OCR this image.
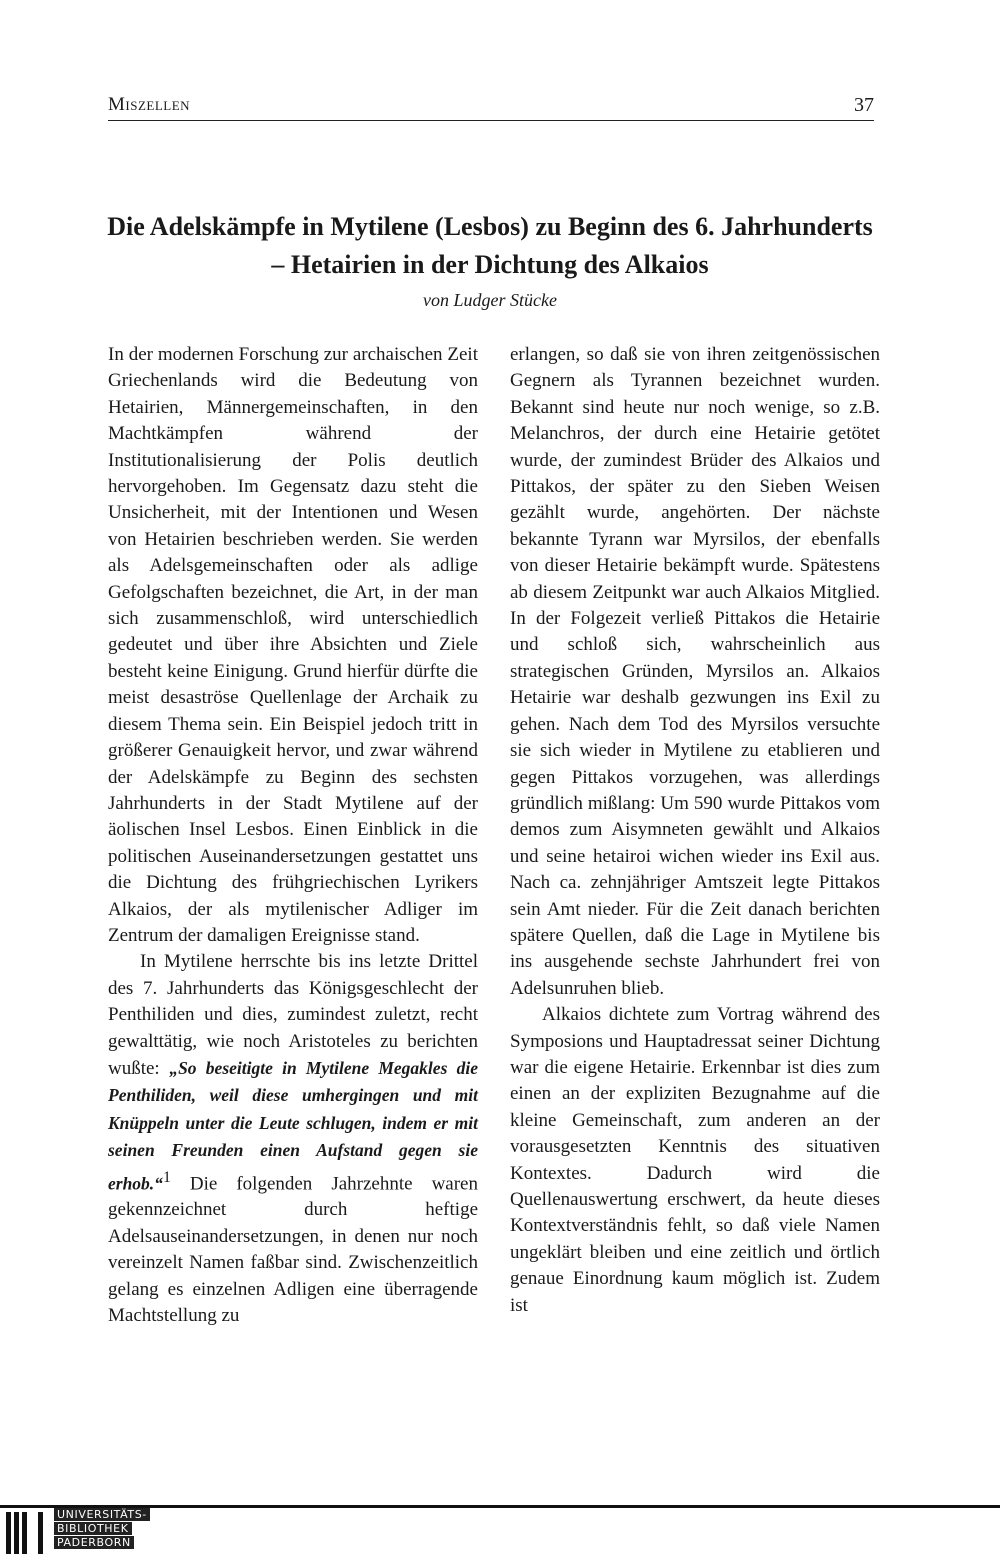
Miszellen	37
Die Adelskämpfe in Mytilene (Lesbos) zu Beginn des 6. Jahrhunderts
– Hetairien in der Dichtung des Alkaios
von Ludger Stücke

In der modernen Forschung zur archaischen Zeit Griechenlands wird die Bedeutung von Hetairien, Männergemeinschaften, in den Machtkämpfen während der Institutionalisierung der Polis deutlich hervorgehoben. Im Gegensatz dazu steht die Unsicherheit, mit der Intentionen und Wesen von Hetairien beschrieben werden. Sie werden als Adelsgemeinschaften oder als adlige Gefolgschaften bezeichnet, die Art, in der man sich zusammenschloß, wird unterschiedlich gedeutet und über ihre Absichten und Ziele besteht keine Einigung. Grund hierfür dürfte die meist desaströse Quellenlage der Archaik zu diesem Thema sein. Ein Beispiel jedoch tritt in größerer Genauigkeit hervor, und zwar während der Adelskämpfe zu Beginn des sechsten Jahrhunderts in der Stadt Mytilene auf der äolischen Insel Lesbos. Einen Einblick in die politischen Auseinandersetzungen gestattet uns die Dichtung des frühgriechischen Lyrikers Alkaios, der als mytilenischer Adliger im Zentrum der damaligen Ereignisse stand.

In Mytilene herrschte bis ins letzte Drittel des 7. Jahrhunderts das Königsgeschlecht der Penthiliden und dies, zumindest zuletzt, recht gewalttätig, wie noch Aristoteles zu berichten wußte: „So beseitigte in Mytilene Megakles die Penthiliden, weil diese umhergingen und mit Knüppeln unter die Leute schlugen, indem er mit seinen Freunden einen Aufstand gegen sie erhob.“$^1$ Die folgenden Jahrzehnte waren gekennzeichnet durch heftige Adelsauseinandersetzungen, in denen nur noch vereinzelt Namen faßbar sind. Zwischenzeitlich gelang es einzelnen Adligen eine überragende Machtstellung zu

erlangen, so daß sie von ihren zeitgenössischen Gegnern als Tyrannen bezeichnet wurden. Bekannt sind heute nur noch wenige, so z.B. Melanchros, der durch eine Hetairie getötet wurde, der zumindest Brüder des Alkaios und Pittakos, der später zu den Sieben Weisen gezählt wurde, angehörten. Der nächste bekannte Tyrann war Myrsilos, der ebenfalls von dieser Hetairie bekämpft wurde. Spätestens ab diesem Zeitpunkt war auch Alkaios Mitglied. In der Folgezeit verließ Pittakos die Hetairie und schloß sich, wahrscheinlich aus strategischen Gründen, Myrsilos an. Alkaios Hetairie war deshalb gezwungen ins Exil zu gehen. Nach dem Tod des Myrsilos versuchte sie sich wieder in Mytilene zu etablieren und gegen Pittakos vorzugehen, was allerdings gründlich mißlang: Um 590 wurde Pittakos vom demos zum Aisymneten gewählt und Alkaios und seine hetairoi wichen wieder ins Exil aus. Nach ca. zehnjähriger Amtszeit legte Pittakos sein Amt nieder. Für die Zeit danach berichten spätere Quellen, daß die Lage in Mytilene bis ins ausgehende sechste Jahrhundert frei von Adelsunruhen blieb.

Alkaios dichtete zum Vortrag während des Symposions und Hauptadressat seiner Dichtung war die eigene Hetairie. Erkennbar ist dies zum einen an der expliziten Bezugnahme auf die kleine Gemeinschaft, zum anderen an der vorausgesetzten Kenntnis des situativen Kontextes. Dadurch wird die Quellenauswertung erschwert, da heute dieses Kontextverständnis fehlt, so daß viele Namen ungeklärt bleiben und eine zeitlich und örtlich genaue Einordnung kaum möglich ist. Zudem ist

UNIVERSITÄTS-
BIBLIOTHEK
PADERBORN
